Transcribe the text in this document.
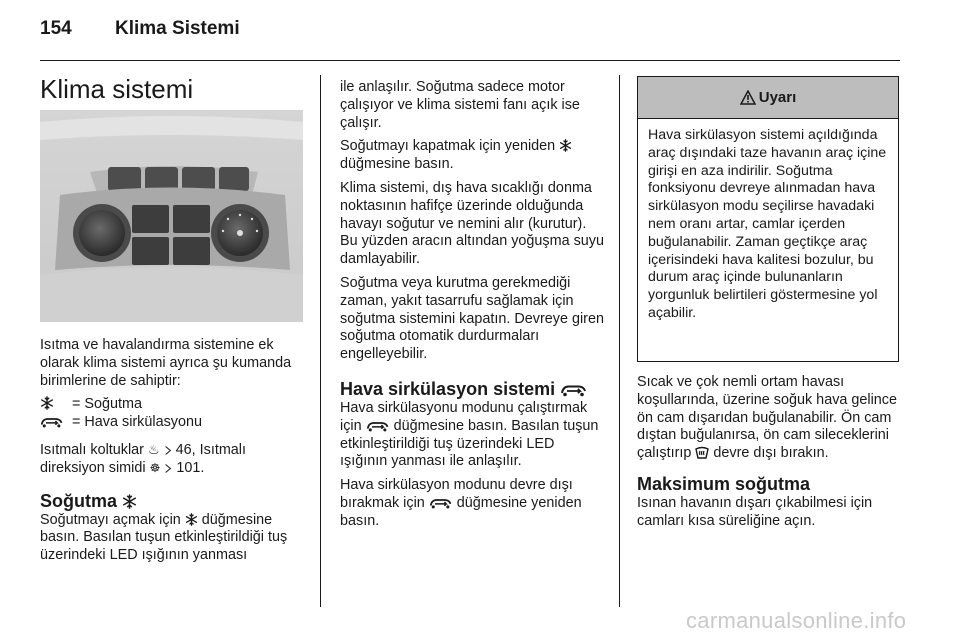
154 Klima Sistemi
Klima sistemi

Isıtma ve havalandırma sistemine ek olarak klima sistemi ayrıca şu kumanda birimlerine de sahiptir:

= Soğutma
= Hava sirkülasyonu

Isıtmalı koltuklar ♨ 46, Isıtmalı direksiyon simidi ☸ 101.

Soğutma

Soğutmayı açmak için düğmesine basın. Basılan tuşun etkinleştirildiği tuş üzerindeki LED ışığının yanması

ile anlaşılır. Soğutma sadece motor çalışıyor ve klima sistemi fanı açık ise çalışır.

Soğutmayı kapatmak için yeniden  düğmesine basın.

Klima sistemi, dış hava sıcaklığı donma noktasının hafifçe üzerinde olduğunda havayı soğutur ve nemini alır (kurutur). Bu yüzden aracın altından yoğuşma suyu damlayabilir.

Soğutma veya kurutma gerekmediği zaman, yakıt tasarrufu sağlamak için soğutma sistemini kapatın. Devreye giren soğutma otomatik durdurmaları engelleyebilir.

Hava sirkülasyon sistemi

Hava sirkülasyonu modunu çalıştırmak için düğmesine basın. Basılan tuşun etkinleştirildiği tuş üzerindeki LED ışığının yanması ile anlaşılır.

Hava sirkülasyon modunu devre dışı bırakmak için düğmesine yeniden basın.

Uyarı
Hava sirkülasyon sistemi açıldığında araç dışındaki taze havanın araç içine girişi en aza indirilir. Soğutma fonksiyonu devreye alınmadan hava sirkülasyon modu seçilirse havadaki nem oranı artar, camlar içerden buğulanabilir. Zaman geçtikçe araç içerisindeki hava kalitesi bozulur, bu durum araç içinde bulunanların yorgunluk belirtileri göstermesine yol açabilir.

Sıcak ve çok nemli ortam havası koşullarında, üzerine soğuk hava gelince ön cam dışarıdan buğulanabilir. Ön cam dıştan buğulanırsa, ön cam sileceklerini çalıştırıp devre dışı bırakın.

Maksimum soğutma

Isınan havanın dışarı çıkabilmesi için camları kısa süreliğine açın.

carmanualsonline.info
